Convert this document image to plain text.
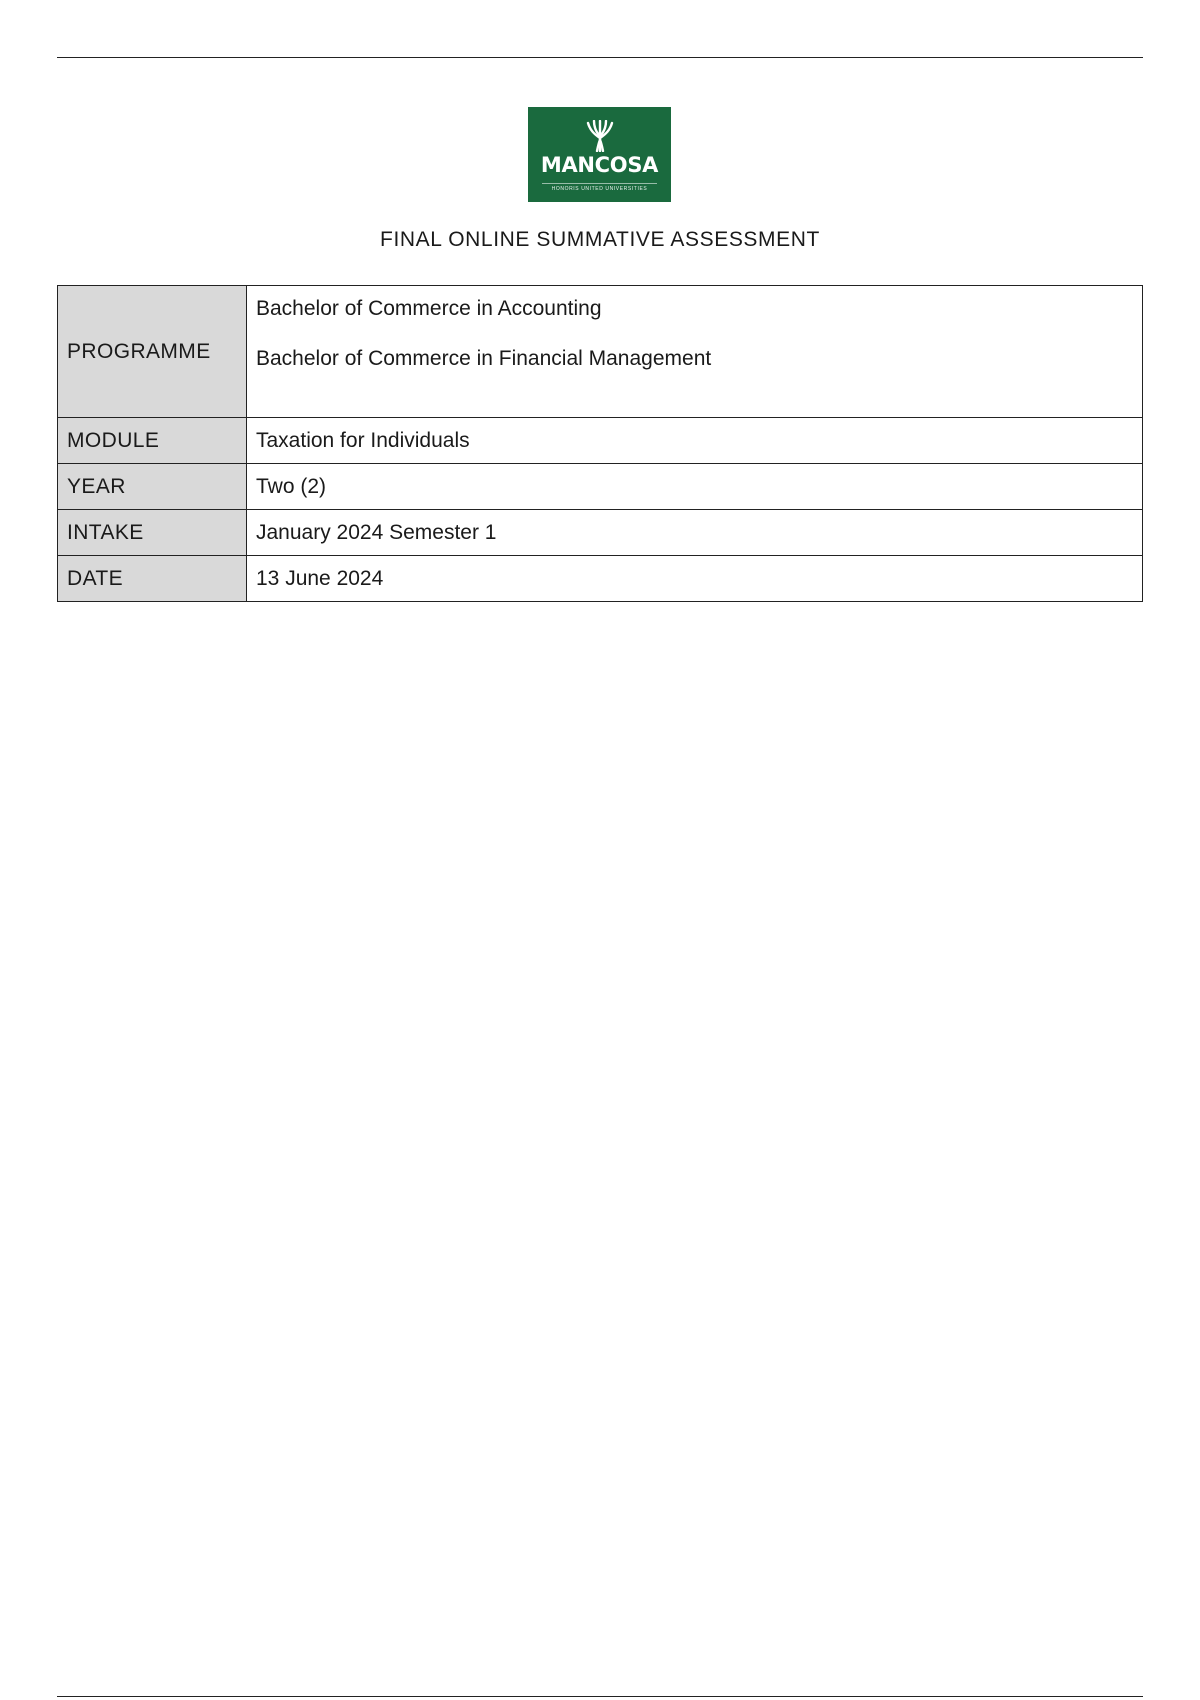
MANCOSA
HONORIS UNITED UNIVERSITIES
FINAL ONLINE SUMMATIVE ASSESSMENT
PROGRAMME	Bachelor of Commerce in Accounting
Bachelor of Commerce in Financial Management

MODULE	Taxation for Individuals
YEAR	Two (2)
INTAKE	January 2024 Semester 1
DATE	13 June 2024
